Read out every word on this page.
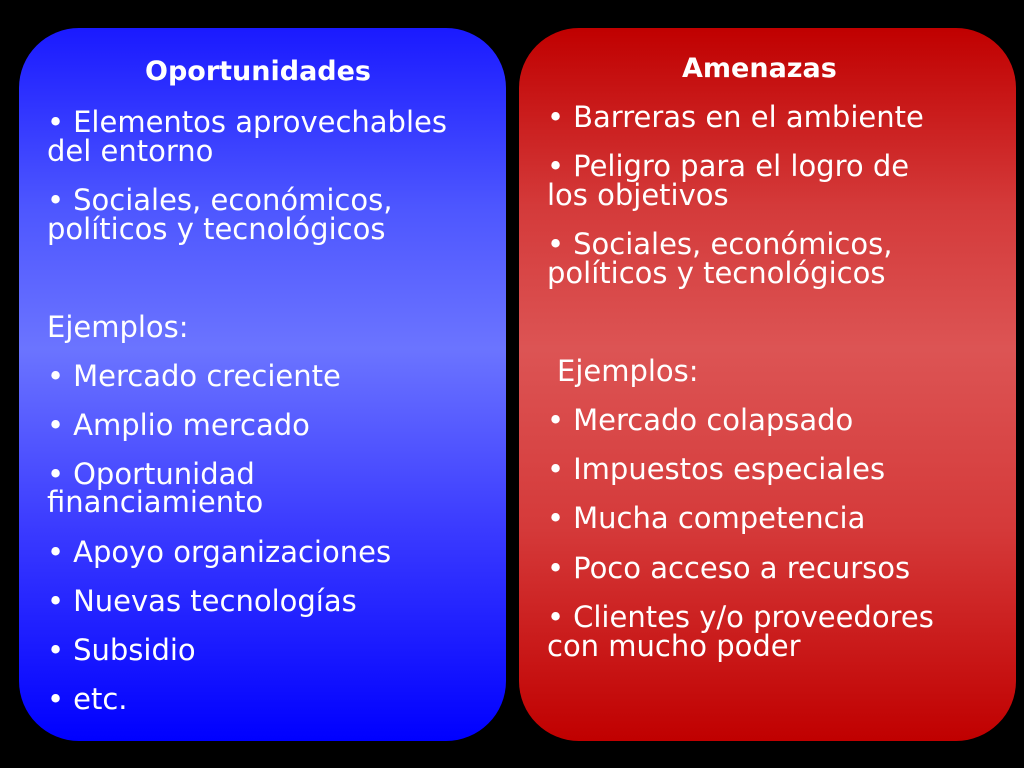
Oportunidades
• Elementos aprovechables
del entorno
• Sociales, económicos,
políticos y tecnológicos
Ejemplos:
• Mercado creciente
• Amplio mercado
• Oportunidad
financiamiento
• Apoyo organizaciones
• Nuevas tecnologías
• Subsidio
• etc.
Amenazas
• Barreras en el ambiente
• Peligro para el logro de
los objetivos
• Sociales, económicos,
políticos y tecnológicos
Ejemplos:
• Mercado colapsado
• Impuestos especiales
• Mucha competencia
• Poco acceso a recursos
• Clientes y/o proveedores
con mucho poder
